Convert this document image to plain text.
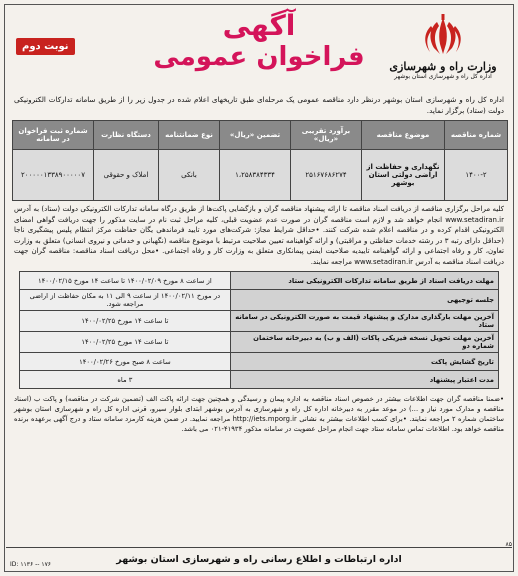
وزارت راه و شهرسازی
اداره کل راه و شهرسازی استان بوشهر
آگهی
فراخوان عمومی
نوبت دوم
اداره کل راه و شهرسازی استان بوشهر درنظر دارد مناقصه عمومی یک مرحله‌ای طبق تاریخهای اعلام شده در جدول زیر را از طریق سامانه تدارکات الکترونیکی دولت (ستاد) برگزار نماید.
شماره مناقصه	موضوع مناقصه	برآورد تقریبی «ریال»	تضمین «ریال»	نوع ضمانتنامه	دستگاه نظارت	شماره ثبت فراخوان در سامانه
۱۴۰۰-۲	نگهداری و حفاظت از اراضی دولتی استان بوشهر	۲۵۱۶۷۶۸۶۲۷۴	۱،۲۵۸۳۸۴۳۳۴	بانکی	املاک و حقوقی	۲۰۰۰۰۰۱۳۳۸۹۰۰۰۰۰۷
کلیه مراحل برگزاری مناقصه از دریافت اسناد مناقصه تا ارائه پیشنهاد مناقصه گران و بازگشایی پاکت‌ها از طریق درگاه سامانه تدارکات الکترونیکی دولت (ستاد) به آدرس www.setadiran.ir انجام خواهد شد و لازم است مناقصه گران در صورت عدم عضویت قبلی، کلیه مراحل ثبت نام در سایت مذکور را جهت دریافت گواهی امضای الکترونیکی اقدام کرده و در مناقصه اعلام شده شرکت کنند. •حداقل شرایط مجاز: شرکت‌های مورد تایید فرماندهی یگان حفاظت مرکز انتظام پلیس پیشگیری ناجا (حداقل دارای رتبه ۳ در رشته خدمات حفاظتی و مراقبتی) و ارائه گواهینامه تعیین صلاحیت مرتبط با موضوع مناقصه (نگهبانی و خدماتی و نیروی انسانی) متعلق به وزارت تعاون، کار و رفاه اجتماعی و ارائه گواهینامه تاییدیه صلاحیت ایمنی پیمانکاری متعلق به وزارت کار و رفاه اجتماعی. •محل دریافت اسناد مناقصه: مناقصه گران جهت دریافت اسناد مناقصه به آدرس www.setadiran.ir مراجعه نمایند.
مهلت دریافت اسناد از طریق سامانه تدارکات الکترونیکی ستاد	از ساعت ۸ مورخ ۱۴۰۰/۰۲/۰۹ تا ساعت ۱۴ مورخ ۱۴۰۰/۰۲/۱۵
جلسه توجیهی	در مورخ ۱۴۰۰/۰۲/۱۱ از ساعت ۹ الی ۱۱ به مکان حفاظت از اراضی مراجعه شود.
آخرین مهلت بارگذاری مدارک و پیشنهاد قیمت به صورت الکترونیکی در سامانه ستاد	تا ساعت ۱۴ مورخ ۱۴۰۰/۰۲/۲۵
آخرین مهلت تحویل نسخه فیزیکی پاکات (الف و ب) به دبیرخانه ساختمان شماره دو	تا ساعت ۱۴ مورخ ۱۴۰۰/۰۲/۲۵
تاریخ گشایش پاکت	ساعت ۸ صبح مورخ ۱۴۰۰/۰۲/۲۶
مدت اعتبار پیشنهاد	۳ ماه
•ضمنا مناقصه گران جهت اطلاعات بیشتر در خصوص اسناد مناقصه به اداره پیمان و رسیدگی و همچنین جهت ارائه پاکت الف (تضمین شرکت در مناقصه) و پاکت ب (اسناد مناقصه و مدارک مورد نیاز و ...) در موعد مقرر به دبیرخانه اداره کل راه و شهرسازی به آدرس بوشهر ابتدای بلوار سیرو، قرنی اداره کل راه و شهرسازی استان بوشهر ساختمان شماره ۲ مراجعه نمایند. •برای کسب اطلاعات بیشتر به نشانی http://iets.mporg.ir مراجعه نمایید. در ضمن هزینه کارمزد سامانه ستاد و درج آگهی برعهده برنده مناقصه خواهد بود. اطلاعات تماس سامانه ستاد جهت انجام مراحل عضویت در سامانه مذکور ۴۱۹۳۴-۰۲۱ می باشد.
۸۵
اداره ارتباطات و اطلاع رسانی راه و شهرسازی استان بوشهر
ID: ۱۱۳۶ -- ۱۷۶
